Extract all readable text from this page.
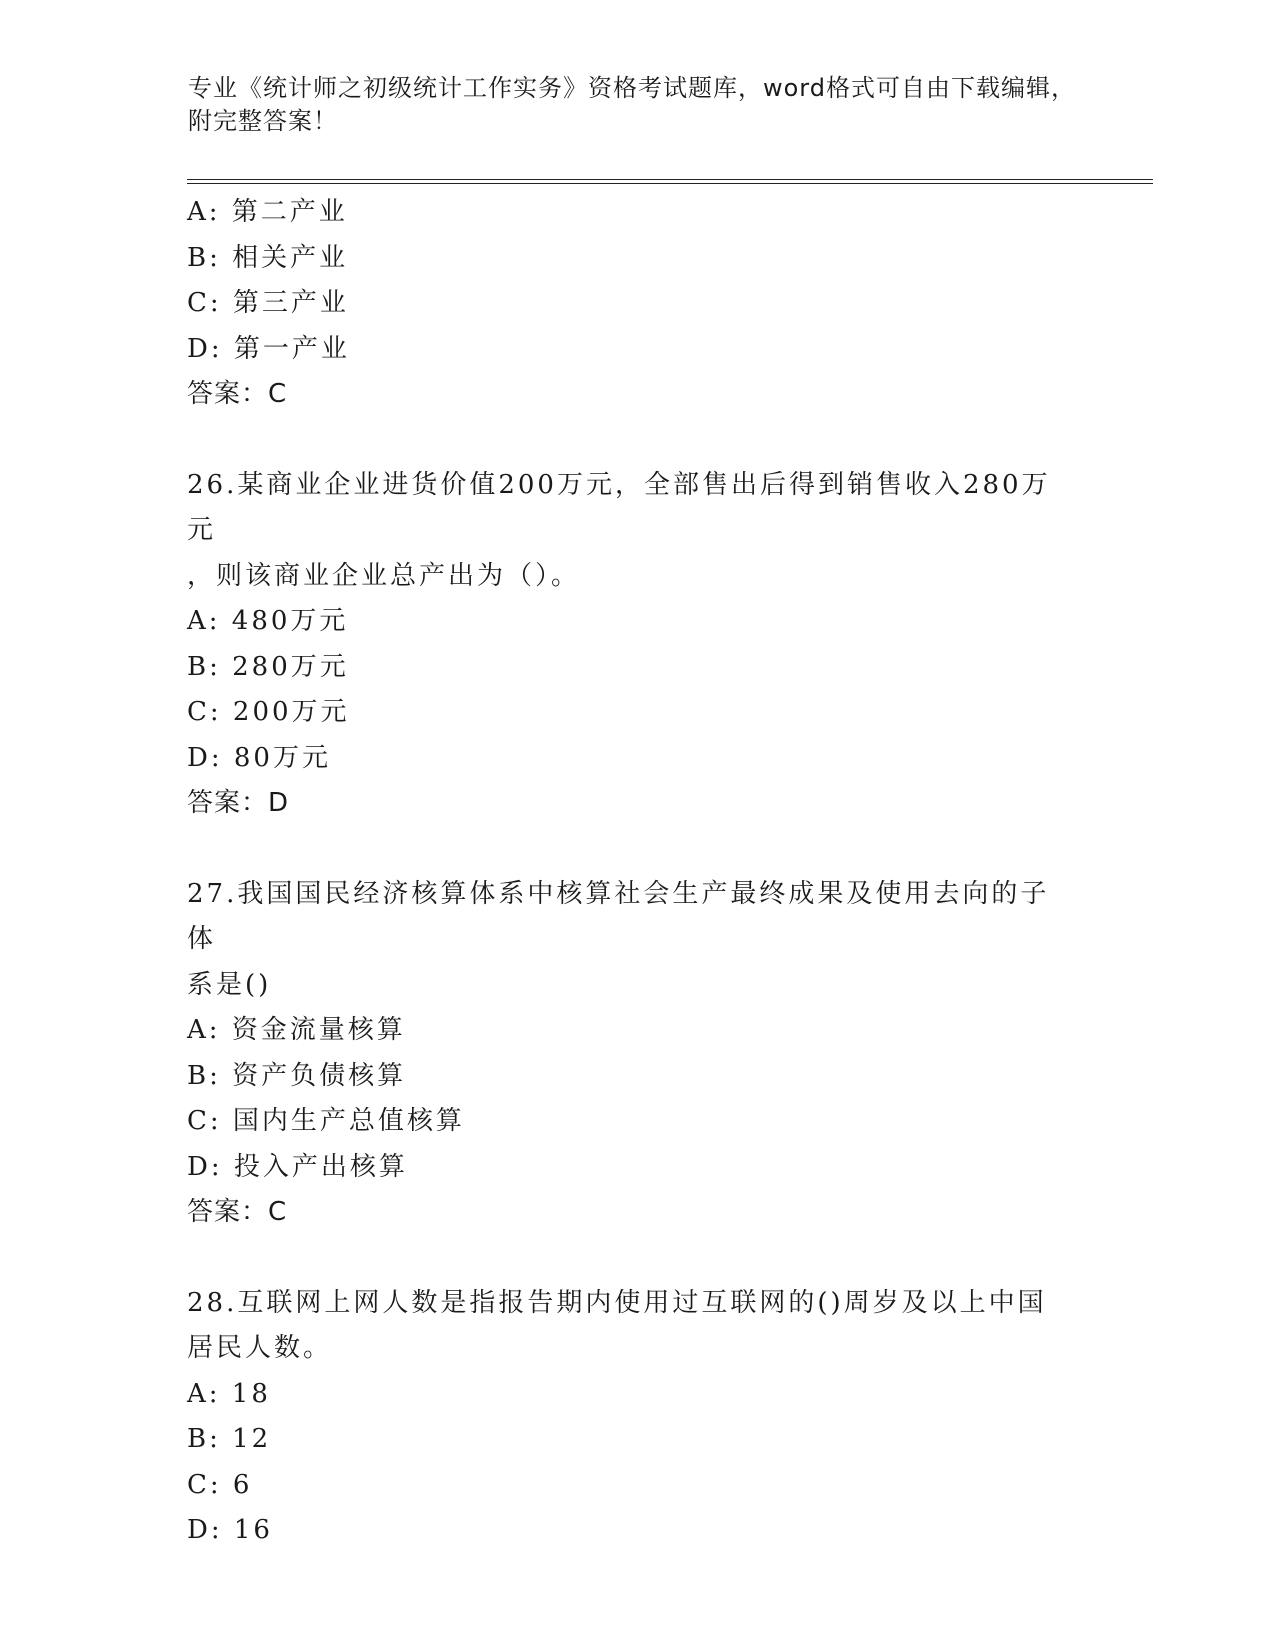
专业《统计师之初级统计工作实务》资格考试题库，word格式可自由下载编辑，
附完整答案！
A: 第二产业
B: 相关产业
C: 第三产业
D: 第一产业
答案：C
26.某商业企业进货价值200万元，全部售出后得到销售收入280万元
，则该商业企业总产出为（）。
A: 480万元
B: 280万元
C: 200万元
D: 80万元
答案：D
27.我国国民经济核算体系中核算社会生产最终成果及使用去向的子体
系是()
A: 资金流量核算
B: 资产负债核算
C: 国内生产总值核算
D: 投入产出核算
答案：C
28.互联网上网人数是指报告期内使用过互联网的()周岁及以上中国
居民人数。
A: 18
B: 12
C: 6
D: 16
